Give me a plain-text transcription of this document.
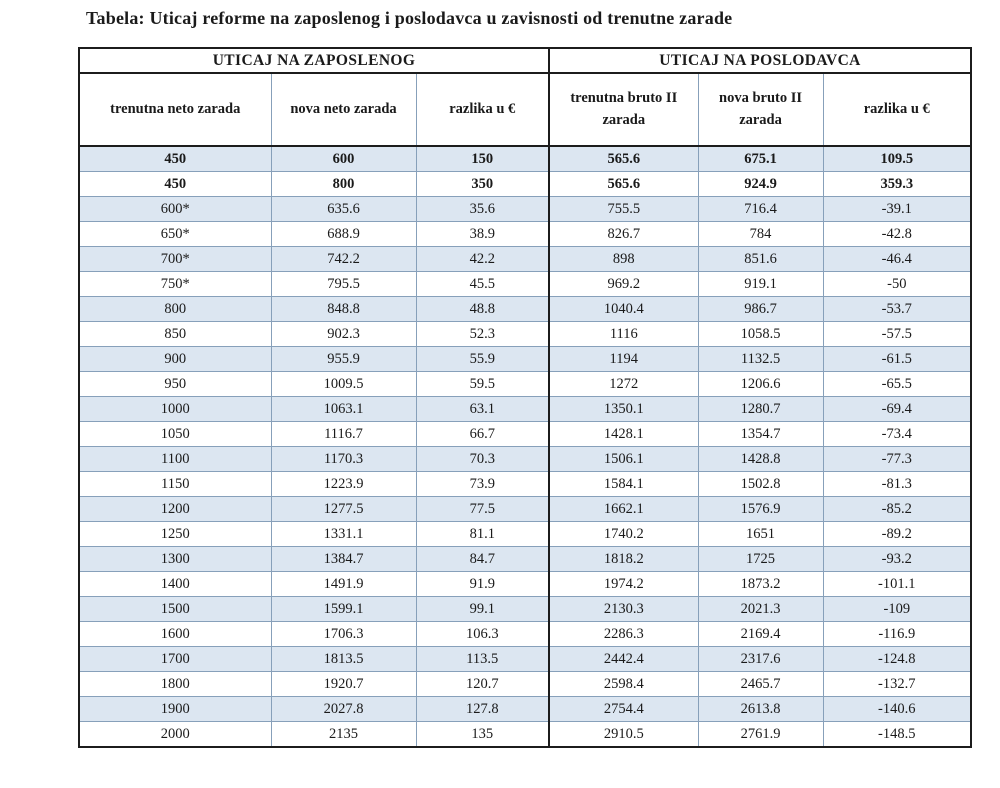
Tabela: Uticaj reforme na zaposlenog i poslodavca u zavisnosti od trenutne zarade

UTICAJ NA ZAPOSLENOG			UTICAJ NA POSLODAVCA		
trenutna neto zarada	nova neto zarada	razlika u €	trenutna bruto II zarada	nova bruto II zarada	razlika u €
450	600	150	565.6	675.1	109.5
450	800	350	565.6	924.9	359.3
600*	635.6	35.6	755.5	716.4	-39.1
650*	688.9	38.9	826.7	784	-42.8
700*	742.2	42.2	898	851.6	-46.4
750*	795.5	45.5	969.2	919.1	-50
800	848.8	48.8	1040.4	986.7	-53.7
850	902.3	52.3	1116	1058.5	-57.5
900	955.9	55.9	1194	1132.5	-61.5
950	1009.5	59.5	1272	1206.6	-65.5
1000	1063.1	63.1	1350.1	1280.7	-69.4
1050	1116.7	66.7	1428.1	1354.7	-73.4
1100	1170.3	70.3	1506.1	1428.8	-77.3
1150	1223.9	73.9	1584.1	1502.8	-81.3
1200	1277.5	77.5	1662.1	1576.9	-85.2
1250	1331.1	81.1	1740.2	1651	-89.2
1300	1384.7	84.7	1818.2	1725	-93.2
1400	1491.9	91.9	1974.2	1873.2	-101.1
1500	1599.1	99.1	2130.3	2021.3	-109
1600	1706.3	106.3	2286.3	2169.4	-116.9
1700	1813.5	113.5	2442.4	2317.6	-124.8
1800	1920.7	120.7	2598.4	2465.7	-132.7
1900	2027.8	127.8	2754.4	2613.8	-140.6
2000	2135	135	2910.5	2761.9	-148.5
